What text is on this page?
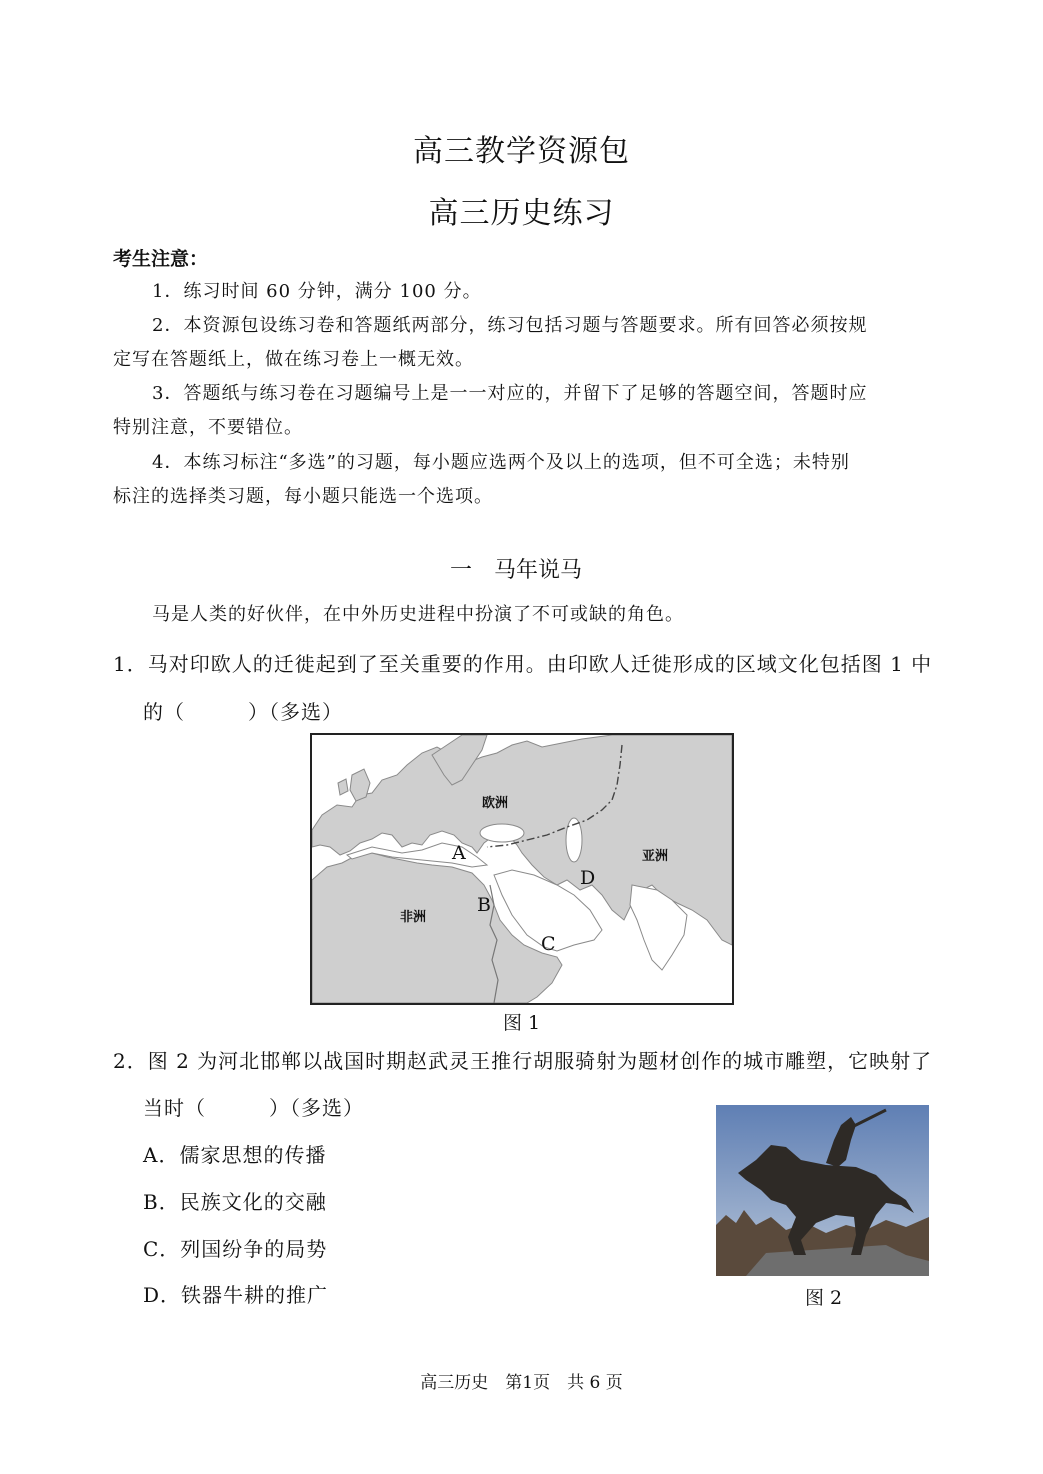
高三教学资源包
高三历史练习
考生注意：
1．练习时间 60 分钟，满分 100 分。
2．本资源包设练习卷和答题纸两部分，练习包括习题与答题要求。所有回答必须按规
定写在答题纸上，做在练习卷上一概无效。
3．答题纸与练习卷在习题编号上是一一对应的，并留下了足够的答题空间，答题时应
特别注意，不要错位。
4．本练习标注“多选”的习题，每小题应选两个及以上的选项，但不可全选；未特别
标注的选择类习题，每小题只能选一个选项。
一　马年说马
马是人类的好伙伴，在中外历史进程中扮演了不可或缺的角色。
1．马对印欧人的迁徙起到了至关重要的作用。由印欧人迁徙形成的区域文化包括图 1 中
的（　　　）（多选）
欧洲
亚洲
非洲
A
B
C
D
图 1
2．图 2 为河北邯郸以战国时期赵武灵王推行胡服骑射为题材创作的城市雕塑，它映射了
当时（　　　）（多选）
A．儒家思想的传播
B．民族文化的交融
C．列国纷争的局势
D．铁器牛耕的推广	图 2
高三历史　第1页　共 6 页
